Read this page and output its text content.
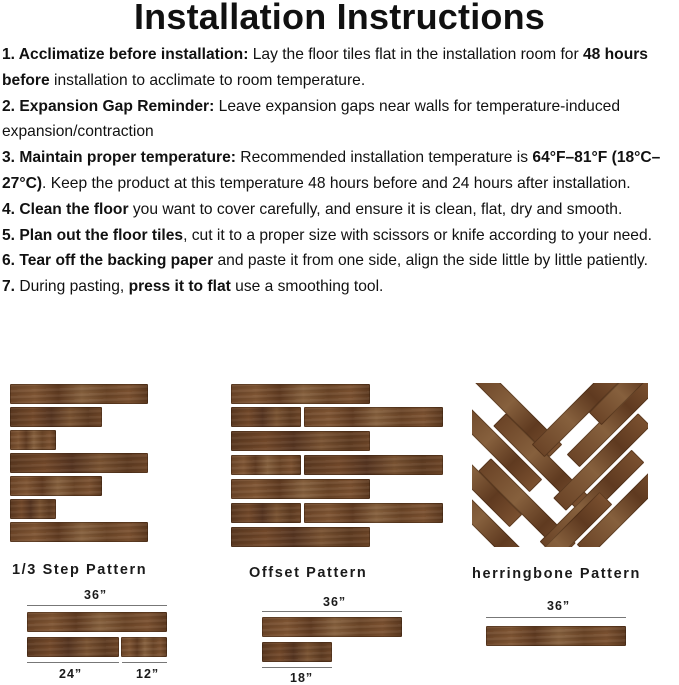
Installation Instructions

1. Acclimatize before installation: Lay the floor tiles flat in the installation room for 48 hours before installation to acclimate to room temperature.

2. Expansion Gap Reminder: Leave expansion gaps near walls for temperature-induced expansion/contraction

3. Maintain proper temperature: Recommended installation temperature is 64°F–81°F (18°C–27°C). Keep the product at this temperature 48 hours before and 24 hours after installation.

4. Clean the floor you want to cover carefully, and ensure it is clean, flat, dry and smooth.

5. Plan out the floor tiles, cut it to a proper size with scissors or knife according to your need.

6. Tear off the backing paper and paste it from one side, align the side little by little patiently.

7. During pasting, press it to flat use a smoothing tool.

1/3 Step Pattern	Offset Pattern	herringbone Pattern
36”
24”	12”
36”
18”
36”
